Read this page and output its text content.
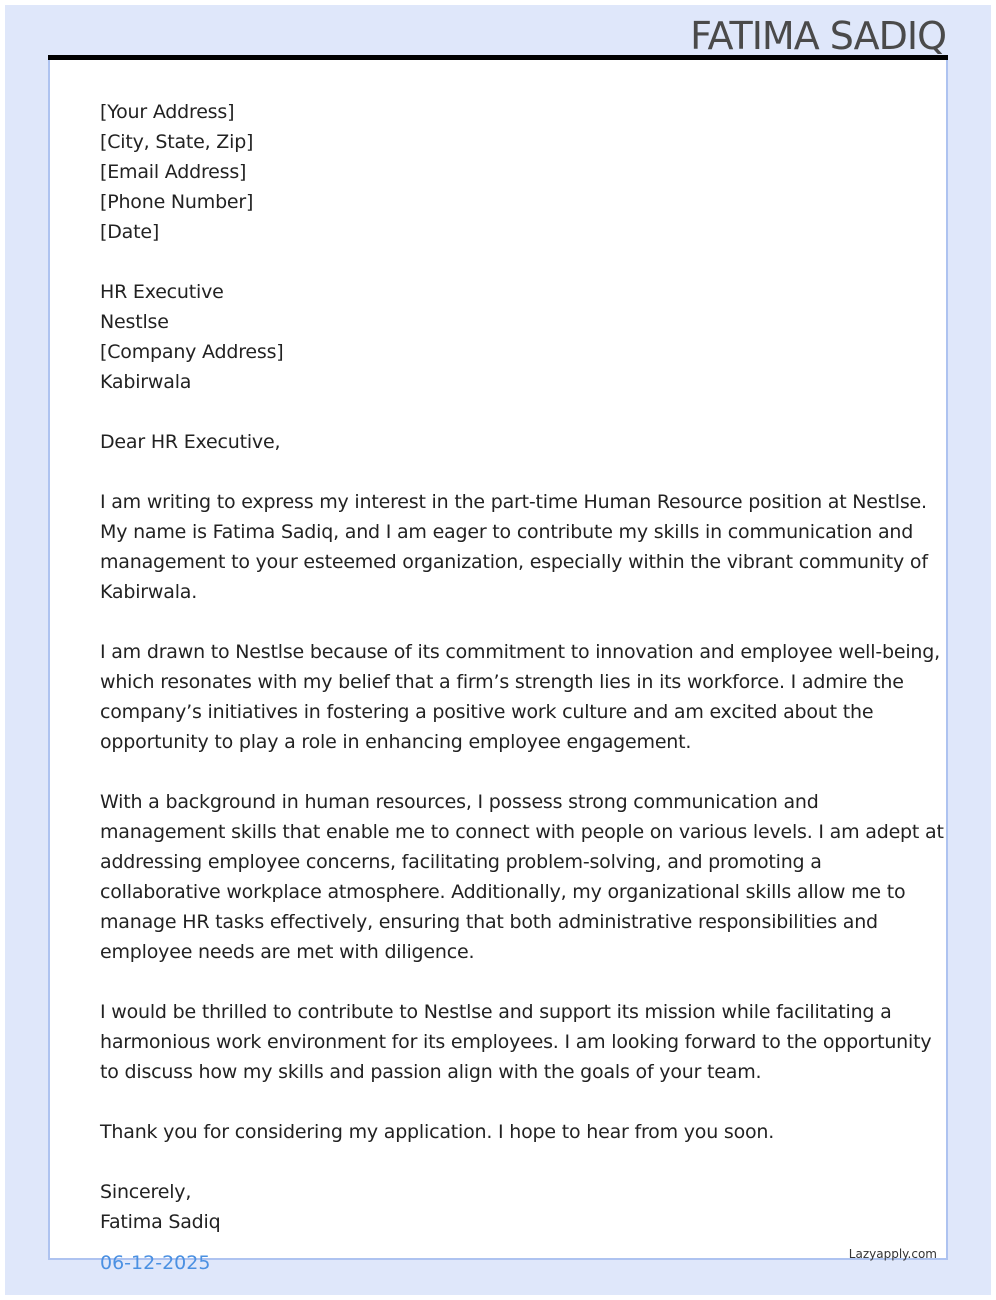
FATIMA SADIQ
[Your Address]
[City, State, Zip]
[Email Address]
[Phone Number]
[Date]
HR Executive
Nestlse
[Company Address]
Kabirwala
Dear HR Executive,
I am writing to express my interest in the part-time Human Resource position at Nestlse.
My name is Fatima Sadiq, and I am eager to contribute my skills in communication and
management to your esteemed organization, especially within the vibrant community of
Kabirwala.
I am drawn to Nestlse because of its commitment to innovation and employee well-being,
which resonates with my belief that a firm’s strength lies in its workforce. I admire the
company’s initiatives in fostering a positive work culture and am excited about the
opportunity to play a role in enhancing employee engagement.
With a background in human resources, I possess strong communication and
management skills that enable me to connect with people on various levels. I am adept at
addressing employee concerns, facilitating problem-solving, and promoting a
collaborative workplace atmosphere. Additionally, my organizational skills allow me to
manage HR tasks effectively, ensuring that both administrative responsibilities and
employee needs are met with diligence.
I would be thrilled to contribute to Nestlse and support its mission while facilitating a
harmonious work environment for its employees. I am looking forward to the opportunity
to discuss how my skills and passion align with the goals of your team.
Thank you for considering my application. I hope to hear from you soon.
Sincerely,
Fatima Sadiq
06-12-2025	Lazyapply.com
